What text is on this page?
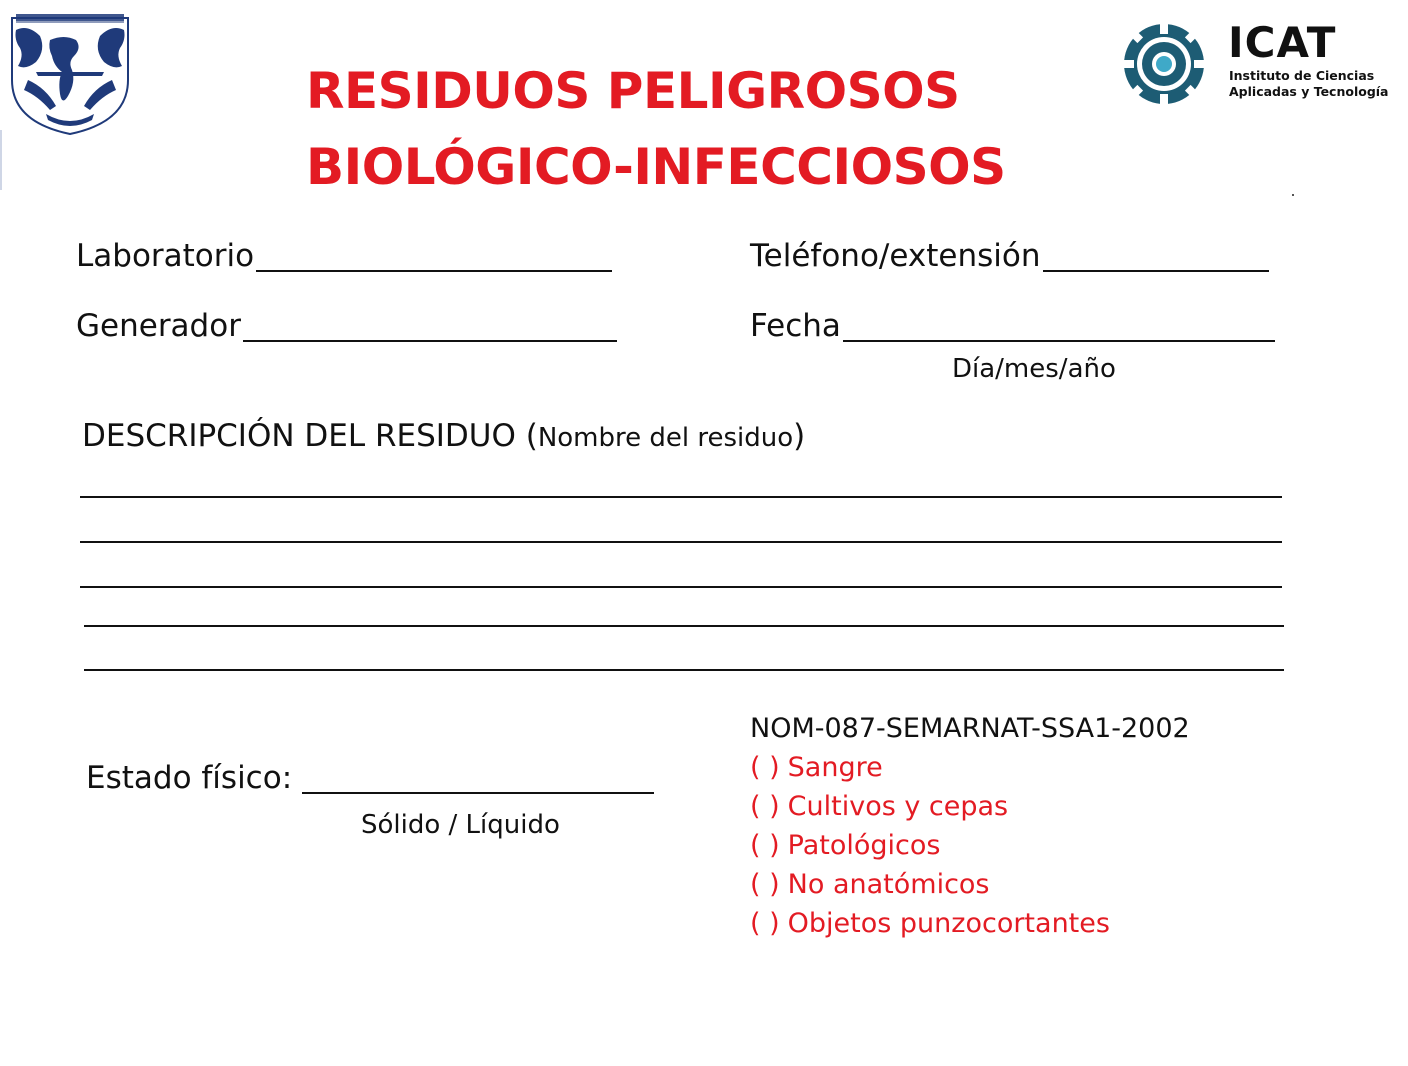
POR MI RAZA	ICAT
Instituto de Ciencias
Aplicadas y Tecnología
RESIDUOS PELIGROSOS
BIOLÓGICO-INFECCIOSOS
Laboratorio	Teléfono/extensión
Generador	Fecha
Día/mes/año
DESCRIPCIÓN DEL RESIDUO (Nombre del residuo)
Estado físico:
Sólido / Líquido
NOM-087-SEMARNAT-SSA1-2002
( ) Sangre
( ) Cultivos y cepas
( ) Patológicos
( ) No anatómicos
( ) Objetos punzocortantes
